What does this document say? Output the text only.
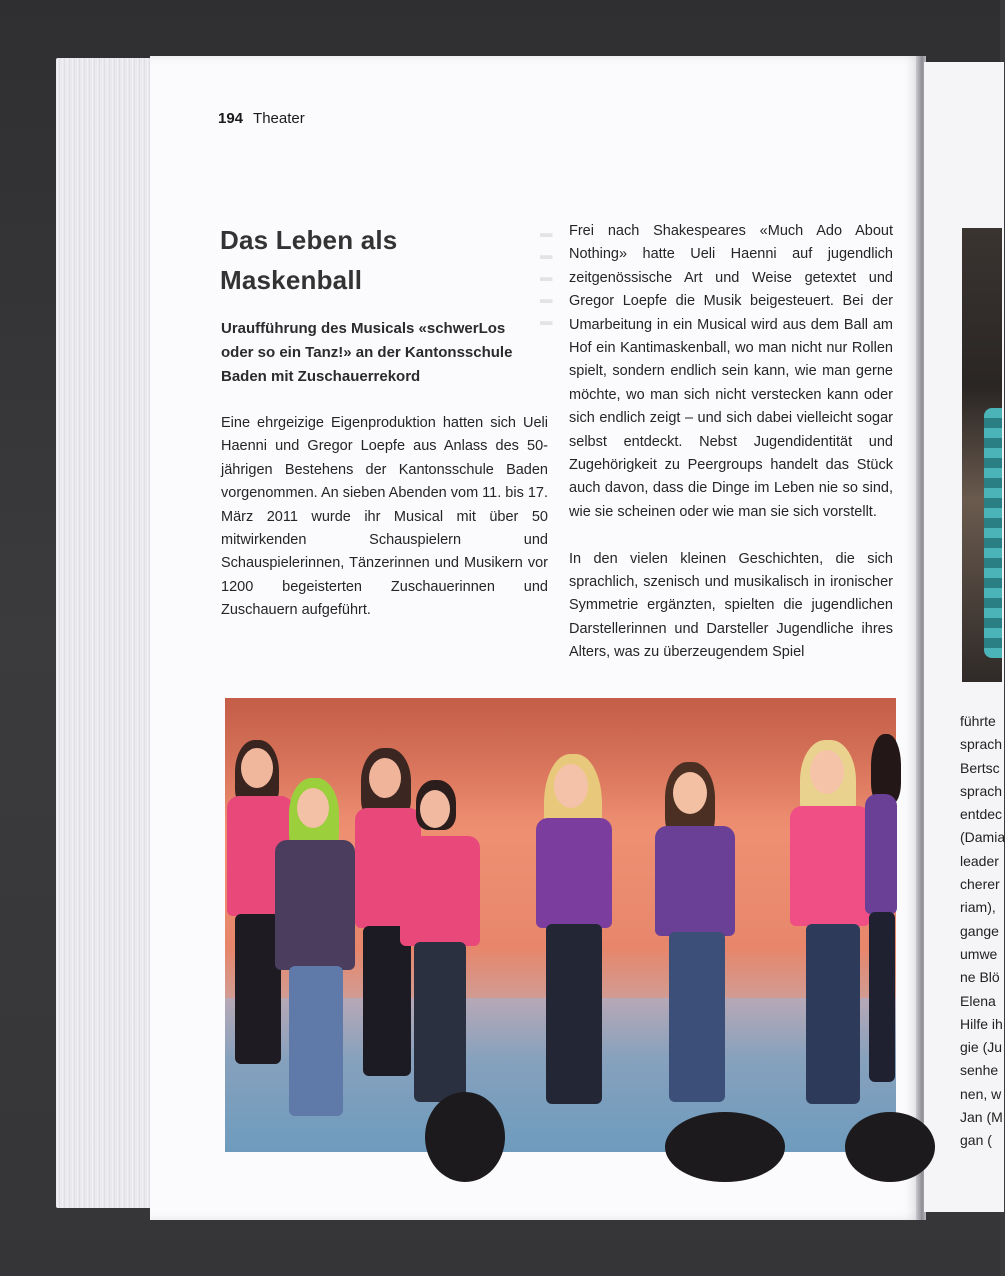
führte
sprach
Bertsc
sprach
entdec
(Damia
leader
cherer
riam),
gange
umwe
ne Blö
Elena
Hilfe ih
gie (Ju
senhe
nen, w
Jan (M
gan (
▬
▬
▬
▬
▬
194 Theater
Das Leben als
Maskenball
Uraufführung des Musicals «schwerLos oder so ein Tanz!» an der Kantonsschule Baden mit Zuschauerrekord
Eine ehrgeizige Eigenproduktion hatten sich Ueli Haenni und Gregor Loepfe aus Anlass des 50-jährigen Bestehens der Kantonsschule Baden vorgenommen. An sieben Abenden vom 11. bis 17. März 2011 wurde ihr Musical mit über 50 mitwirkenden Schauspielern und Schauspielerinnen, Tänzerinnen und Musikern vor 1200 begeisterten Zuschauerinnen und Zuschauern aufgeführt.

Frei nach Shakespeares «Much Ado About Nothing» hatte Ueli Haenni auf jugendlich zeitgenössische Art und Weise getextet und Gregor Loepfe die Musik beigesteuert. Bei der Umarbeitung in ein Musical wird aus dem Ball am Hof ein Kantimaskenball, wo man nicht nur Rollen spielt, sondern endlich sein kann, wie man gerne möchte, wo man sich nicht verstecken kann oder sich endlich zeigt – und sich dabei vielleicht sogar selbst entdeckt. Nebst Jugendidentität und Zugehörigkeit zu Peergroups handelt das Stück auch davon, dass die Dinge im Leben nie so sind, wie sie scheinen oder wie man sie sich vorstellt.

In den vielen kleinen Geschichten, die sich sprachlich, szenisch und musikalisch in ironischer Symmetrie ergänzten, spielten die jugendlichen Darstellerinnen und Darsteller Jugendliche ihres Alters, was zu überzeugendem Spiel
